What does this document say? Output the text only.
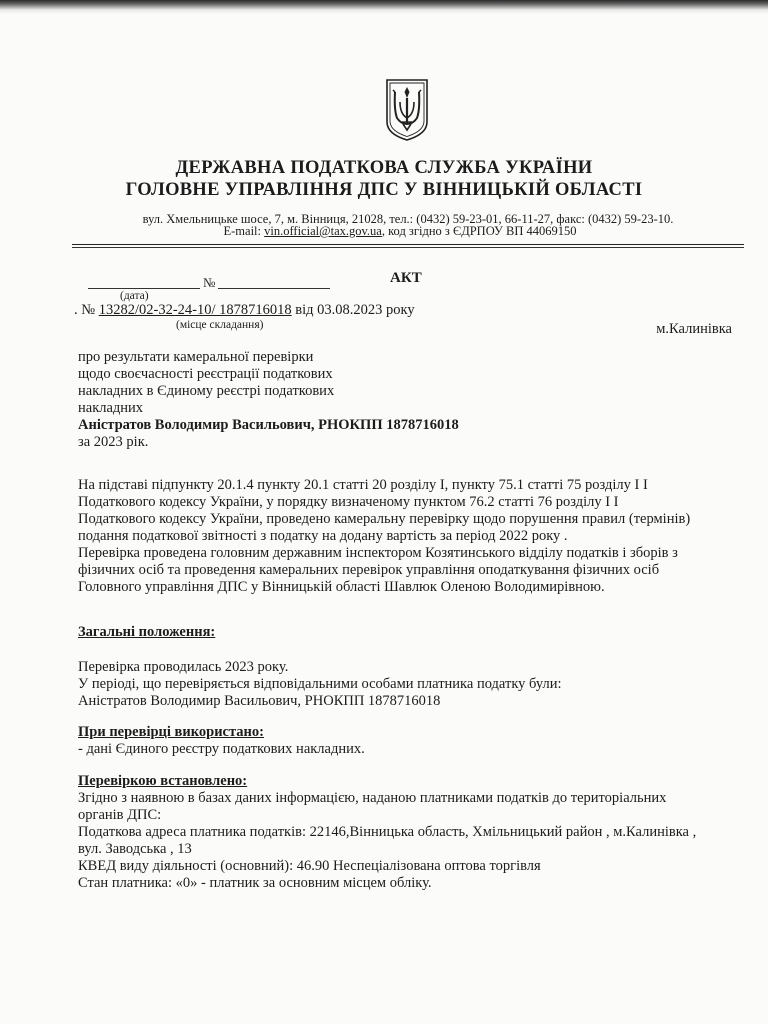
ДЕРЖАВНА ПОДАТКОВА СЛУЖБА УКРАЇНИ
ГОЛОВНЕ УПРАВЛІННЯ ДПС У ВІННИЦЬКІЙ ОБЛАСТІ
вул. Хмельницьке шосе, 7, м. Вінниця, 21028, тел.: (0432) 59-23-01, 66-11-27, факс: (0432) 59-23-10.
E-mail: vin.official@tax.gov.ua, код згідно з ЄДРПОУ ВП 44069150
№	АКТ
(дата)
. № 13282/02-32-24-10/ 1878716018 від 03.08.2023 року
(місце складання)	м.Калинівка
про результати камеральної перевірки
щодо своєчасності реєстрації податкових
накладних в Єдиному реєстрі податкових
накладних
Аністратов Володимир Васильович, РНОКПП 1878716018
за 2023 рік.
На підставі підпункту 20.1.4 пункту 20.1 статті 20 розділу І, пункту 75.1 статті 75 розділу І І
Податкового кодексу України, у порядку визначеному пунктом 76.2 статті 76 розділу І І
Податкового кодексу України, проведено камеральну перевірку щодо порушення правил (термінів)
подання податкової звітності з податку на додану вартість за період 2022 року .
Перевірка проведена головним державним інспектором Козятинського відділу податків і зборів з
фізичних осіб та проведення камеральних перевірок управління оподаткування фізичних осіб
Головного управління ДПС у Вінницькій області Шавлюк Оленою Володимирівною.
Загальні положення:
Перевірка проводилась 2023 року.
У періоді, що перевіряється відповідальними особами платника податку були:
Аністратов Володимир Васильович, РНОКПП 1878716018
При перевірці використано:
- дані Єдиного реєстру податкових накладних.
Перевіркою встановлено:
Згідно з наявною в базах даних інформацією, наданою платниками податків до територіальних
органів ДПС:
Податкова адреса платника податків: 22146,Вінницька область, Хмільницький район , м.Калинівка ,
вул. Заводська , 13
КВЕД виду діяльності (основний): 46.90 Неспеціалізована оптова торгівля
Стан платника: «0» - платник за основним місцем обліку.
